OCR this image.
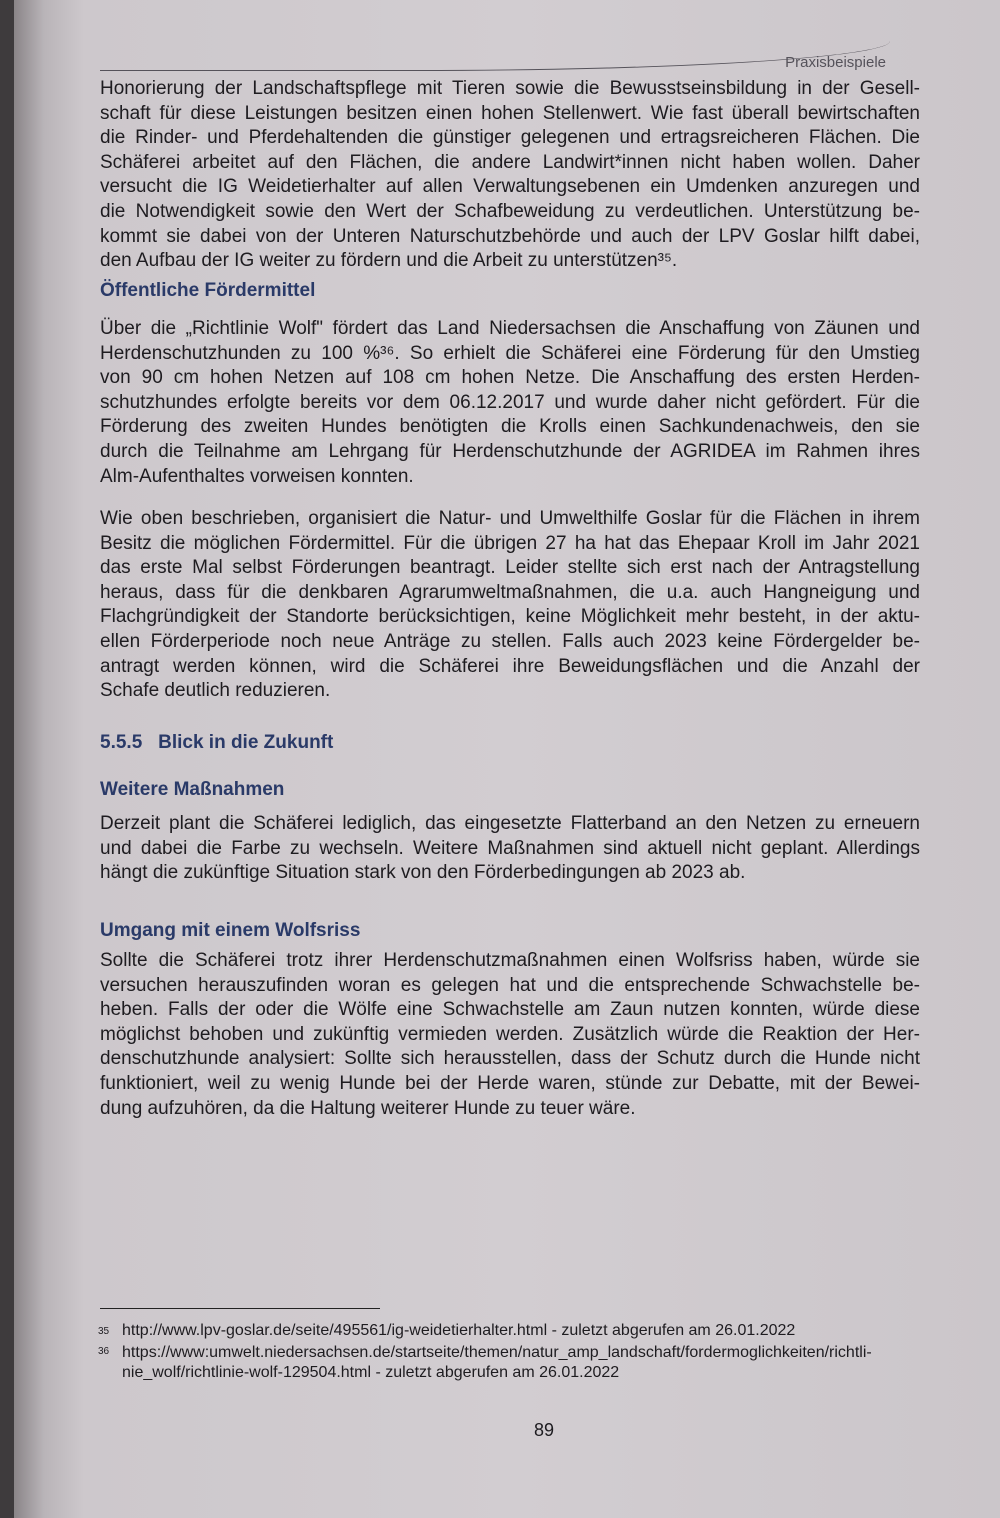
Praxisbeispiele
Honorierung der Landschaftspflege mit Tieren sowie die Bewusstseinsbildung in der Gesell-
schaft für diese Leistungen besitzen einen hohen Stellenwert. Wie fast überall bewirtschaften
die Rinder- und Pferdehaltenden die günstiger gelegenen und ertragsreicheren Flächen. Die
Schäferei arbeitet auf den Flächen, die andere Landwirt*innen nicht haben wollen. Daher
versucht die IG Weidetierhalter auf allen Verwaltungsebenen ein Umdenken anzuregen und
die Notwendigkeit sowie den Wert der Schafbeweidung zu verdeutlichen. Unterstützung be-
kommt sie dabei von der Unteren Naturschutzbehörde und auch der LPV Goslar hilft dabei,
den Aufbau der IG weiter zu fördern und die Arbeit zu unterstützen³⁵.
Über die „Richtlinie Wolf" fördert das Land Niedersachsen die Anschaffung von Zäunen und
Herdenschutzhunden zu 100 %³⁶. So erhielt die Schäferei eine Förderung für den Umstieg
von 90 cm hohen Netzen auf 108 cm hohen Netze. Die Anschaffung des ersten Herden-
schutzhundes erfolgte bereits vor dem 06.12.2017 und wurde daher nicht gefördert. Für die
Förderung des zweiten Hundes benötigten die Krolls einen Sachkundenachweis, den sie
durch die Teilnahme am Lehrgang für Herdenschutzhunde der AGRIDEA im Rahmen ihres
Alm-Aufenthaltes vorweisen konnten.
Wie oben beschrieben, organisiert die Natur- und Umwelthilfe Goslar für die Flächen in ihrem
Besitz die möglichen Fördermittel. Für die übrigen 27 ha hat das Ehepaar Kroll im Jahr 2021
das erste Mal selbst Förderungen beantragt. Leider stellte sich erst nach der Antragstellung
heraus, dass für die denkbaren Agrarumweltmaßnahmen, die u.a. auch Hangneigung und
Flachgründigkeit der Standorte berücksichtigen, keine Möglichkeit mehr besteht, in der aktu-
ellen Förderperiode noch neue Anträge zu stellen. Falls auch 2023 keine Fördergelder be-
antragt werden können, wird die Schäferei ihre Beweidungsflächen und die Anzahl der
Schafe deutlich reduzieren.
Derzeit plant die Schäferei lediglich, das eingesetzte Flatterband an den Netzen zu erneuern
und dabei die Farbe zu wechseln. Weitere Maßnahmen sind aktuell nicht geplant. Allerdings
hängt die zukünftige Situation stark von den Förderbedingungen ab 2023 ab.
Sollte die Schäferei trotz ihrer Herdenschutzmaßnahmen einen Wolfsriss haben, würde sie
versuchen herauszufinden woran es gelegen hat und die entsprechende Schwachstelle be-
heben. Falls der oder die Wölfe eine Schwachstelle am Zaun nutzen konnten, würde diese
möglichst behoben und zukünftig vermieden werden. Zusätzlich würde die Reaktion der Her-
denschutzhunde analysiert: Sollte sich herausstellen, dass der Schutz durch die Hunde nicht
funktioniert, weil zu wenig Hunde bei der Herde waren, stünde zur Debatte, mit der Bewei-
dung aufzuhören, da die Haltung weiterer Hunde zu teuer wäre.
Öffentliche Fördermittel
5.5.5   Blick in die Zukunft
Weitere Maßnahmen
Umgang mit einem Wolfsriss
35 http://www.lpv-goslar.de/seite/495561/ig-weidetierhalter.html - zuletzt abgerufen am 26.01.2022
36 https://www:umwelt.niedersachsen.de/startseite/themen/natur_amp_landschaft/fordermoglichkeiten/richtli-
nie_wolf/richtlinie-wolf-129504.html - zuletzt abgerufen am 26.01.2022
89
